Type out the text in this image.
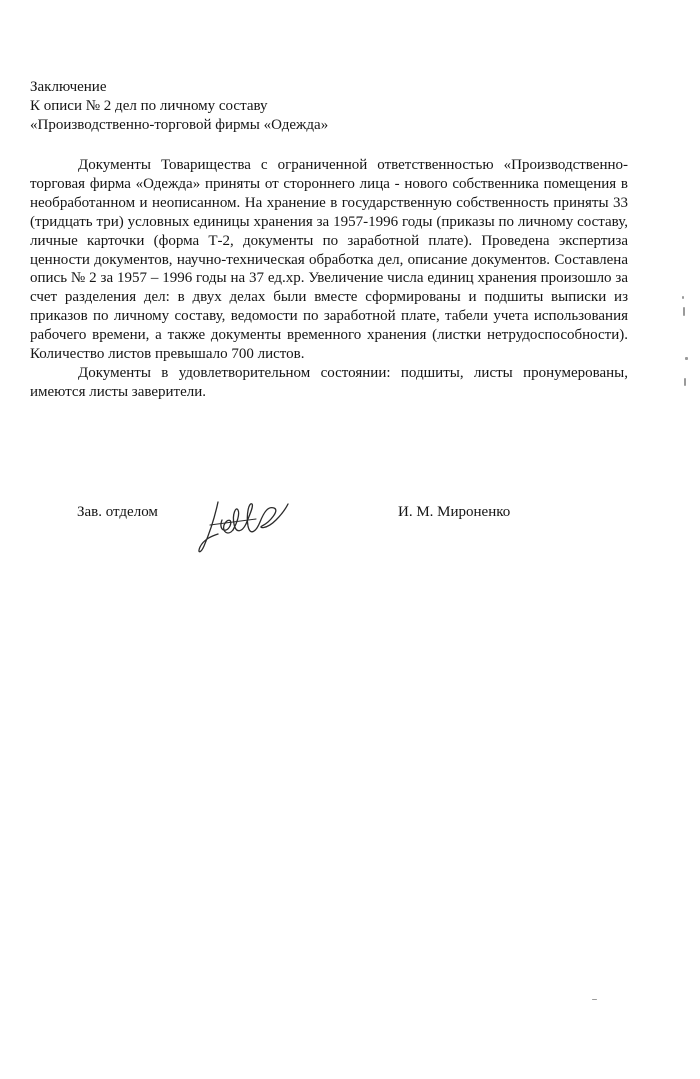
Заключение
К описи № 2 дел по личному составу
«Производственно-торговой фирмы «Одежда»

Документы Товарищества с ограниченной ответственностью «Производственно-торговая фирма «Одежда» приняты от стороннего лица - нового собственника помещения в необработанном и неописанном. На хранение в государственную собственность приняты 33 (тридцать три) условных единицы хранения за 1957-1996 годы (приказы по личному составу, личные карточки (форма Т-2, документы по заработной плате). Проведена экспертиза ценности документов, научно-техническая обработка дел, описание документов. Составлена опись № 2 за 1957 – 1996 годы на 37 ед.хр. Увеличение числа единиц хранения произошло за счет разделения дел: в двух делах были вместе сформированы и подшиты выписки из приказов по личному составу, ведомости по заработной плате, табели учета использования рабочего времени, а также документы временного хранения (листки нетрудоспособности). Количество листов превышало 700 листов.

Документы в удовлетворительном состоянии: подшиты, листы пронумерованы, имеются листы заверители.

Зав. отделом	И. М. Мироненко
